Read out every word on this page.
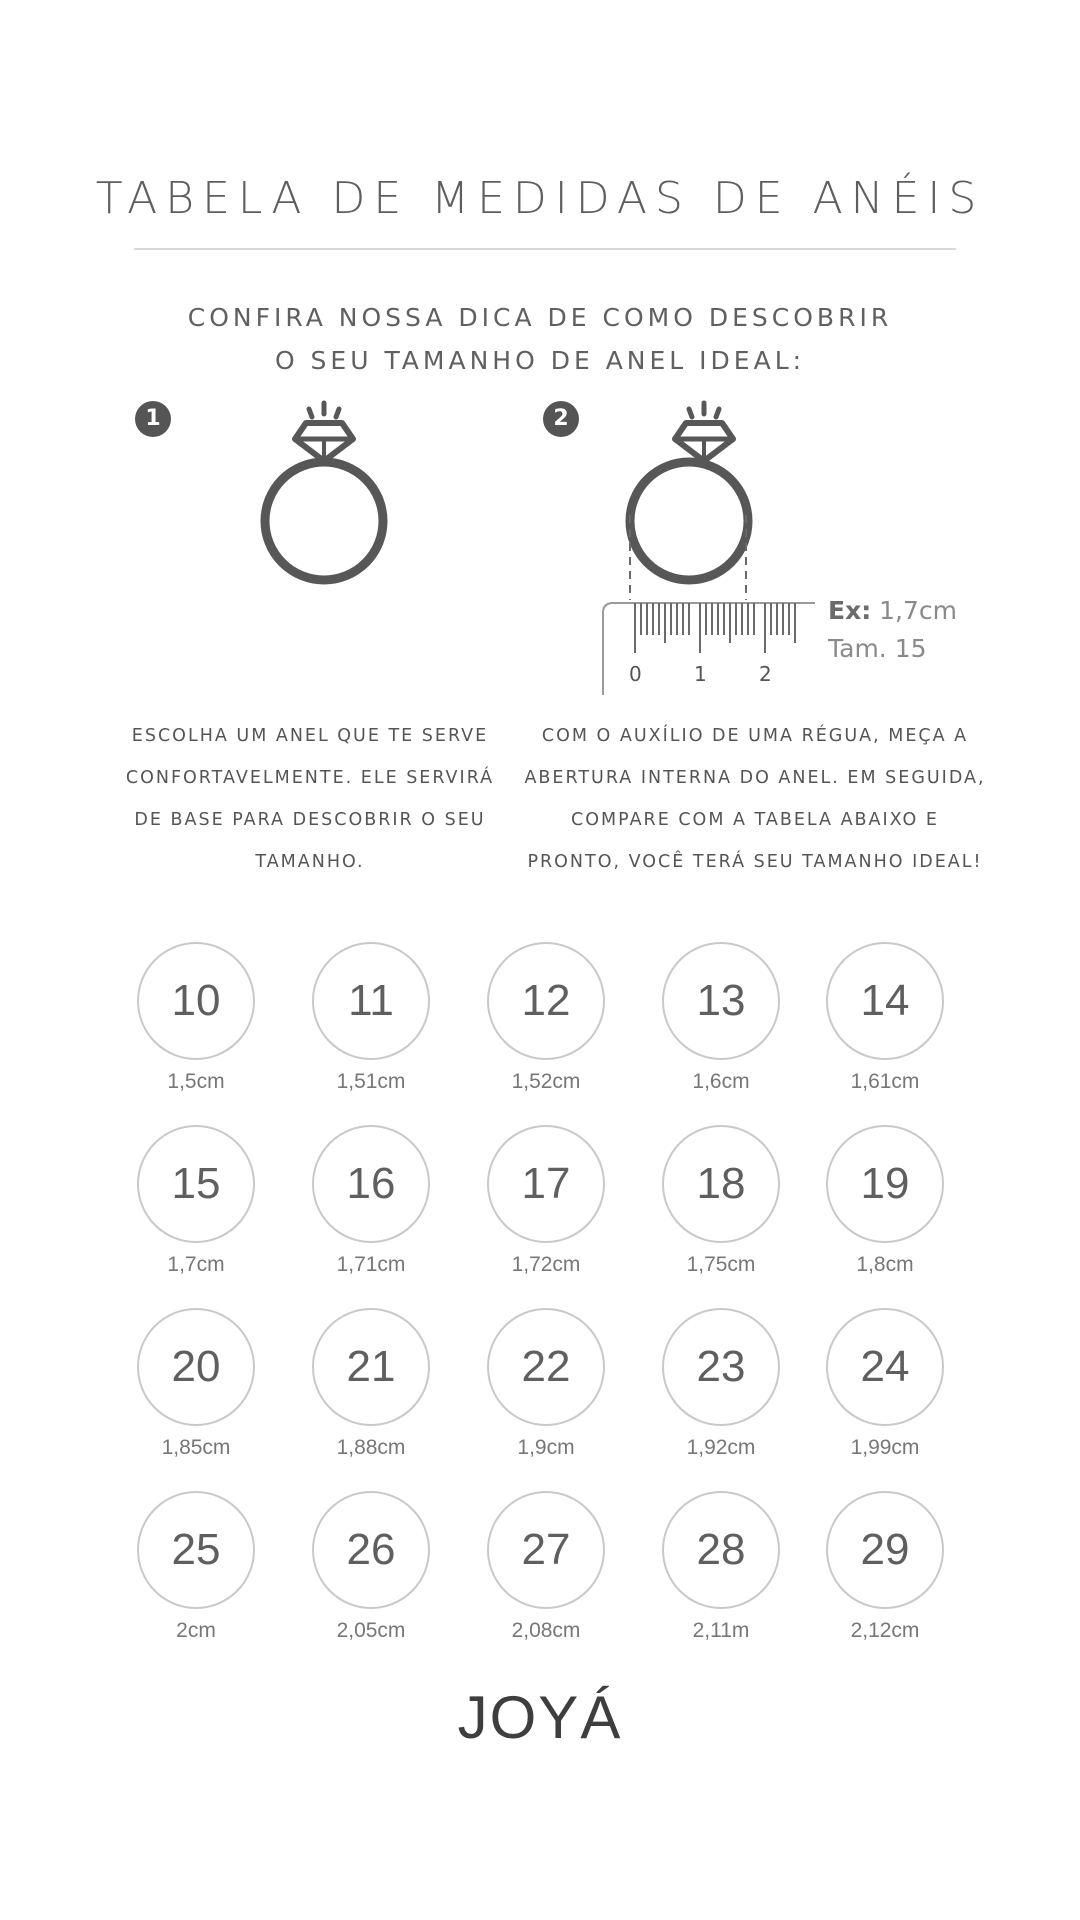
TABELA DE MEDIDAS DE ANÉIS
CONFIRA NOSSA DICA DE COMO DESCOBRIR
O SEU TAMANHO DE ANEL IDEAL:
1
ESCOLHA UM ANEL QUE TE SERVE
CONFORTAVELMENTE. ELE SERVIRÁ
DE BASE PARA DESCOBRIR O SEU
TAMANHO.
2
0	1	2
Ex: 1,7cm
Tam. 15
COM O AUXÍLIO DE UMA RÉGUA, MEÇA A
ABERTURA INTERNA DO ANEL. EM SEGUIDA,
COMPARE COM A TABELA ABAIXO E
PRONTO, VOCÊ TERÁ SEU TAMANHO IDEAL!
10
1,5cm
11
1,51cm
12
1,52cm
13
1,6cm
14
1,61cm
15
1,7cm
16
1,71cm
17
1,72cm
18
1,75cm
19
1,8cm
20
1,85cm
21
1,88cm
22
1,9cm
23
1,92cm
24
1,99cm
25
2cm
26
2,05cm
27
2,08cm
28
2,11m
29
2,12cm
JOYÁ
